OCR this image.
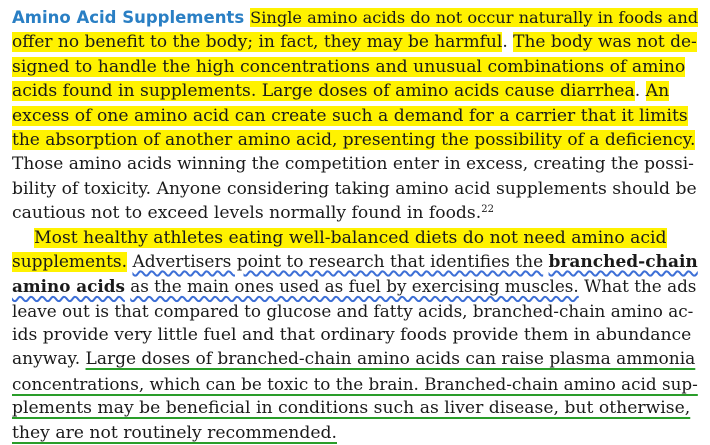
Amino Acid Supplements Single amino acids do not occur naturally in foods and
offer no benefit to the body; in fact, they may be harmful. The body was not de-
signed to handle the high concentrations and unusual combinations of amino
acids found in supplements. Large doses of amino acids cause diarrhea. An
excess of one amino acid can create such a demand for a carrier that it limits
the absorption of another amino acid, presenting the possibility of a deficiency.
Those amino acids winning the competition enter in excess, creating the possi-
bility of toxicity. Anyone considering taking amino acid supplements should be
cautious not to exceed levels normally found in foods.$^{22}$
Most healthy athletes eating well-balanced diets do not need amino acid
supplements. Advertisers point to research that identifies the branched-chain
amino acids as the main ones used as fuel by exercising muscles. What the ads
leave out is that compared to glucose and fatty acids, branched-chain amino ac-
ids provide very little fuel and that ordinary foods provide them in abundance
anyway. Large doses of branched-chain amino acids can raise plasma ammonia
concentrations, which can be toxic to the brain. Branched-chain amino acid sup-
plements may be beneficial in conditions such as liver disease, but otherwise,
they are not routinely recommended.
